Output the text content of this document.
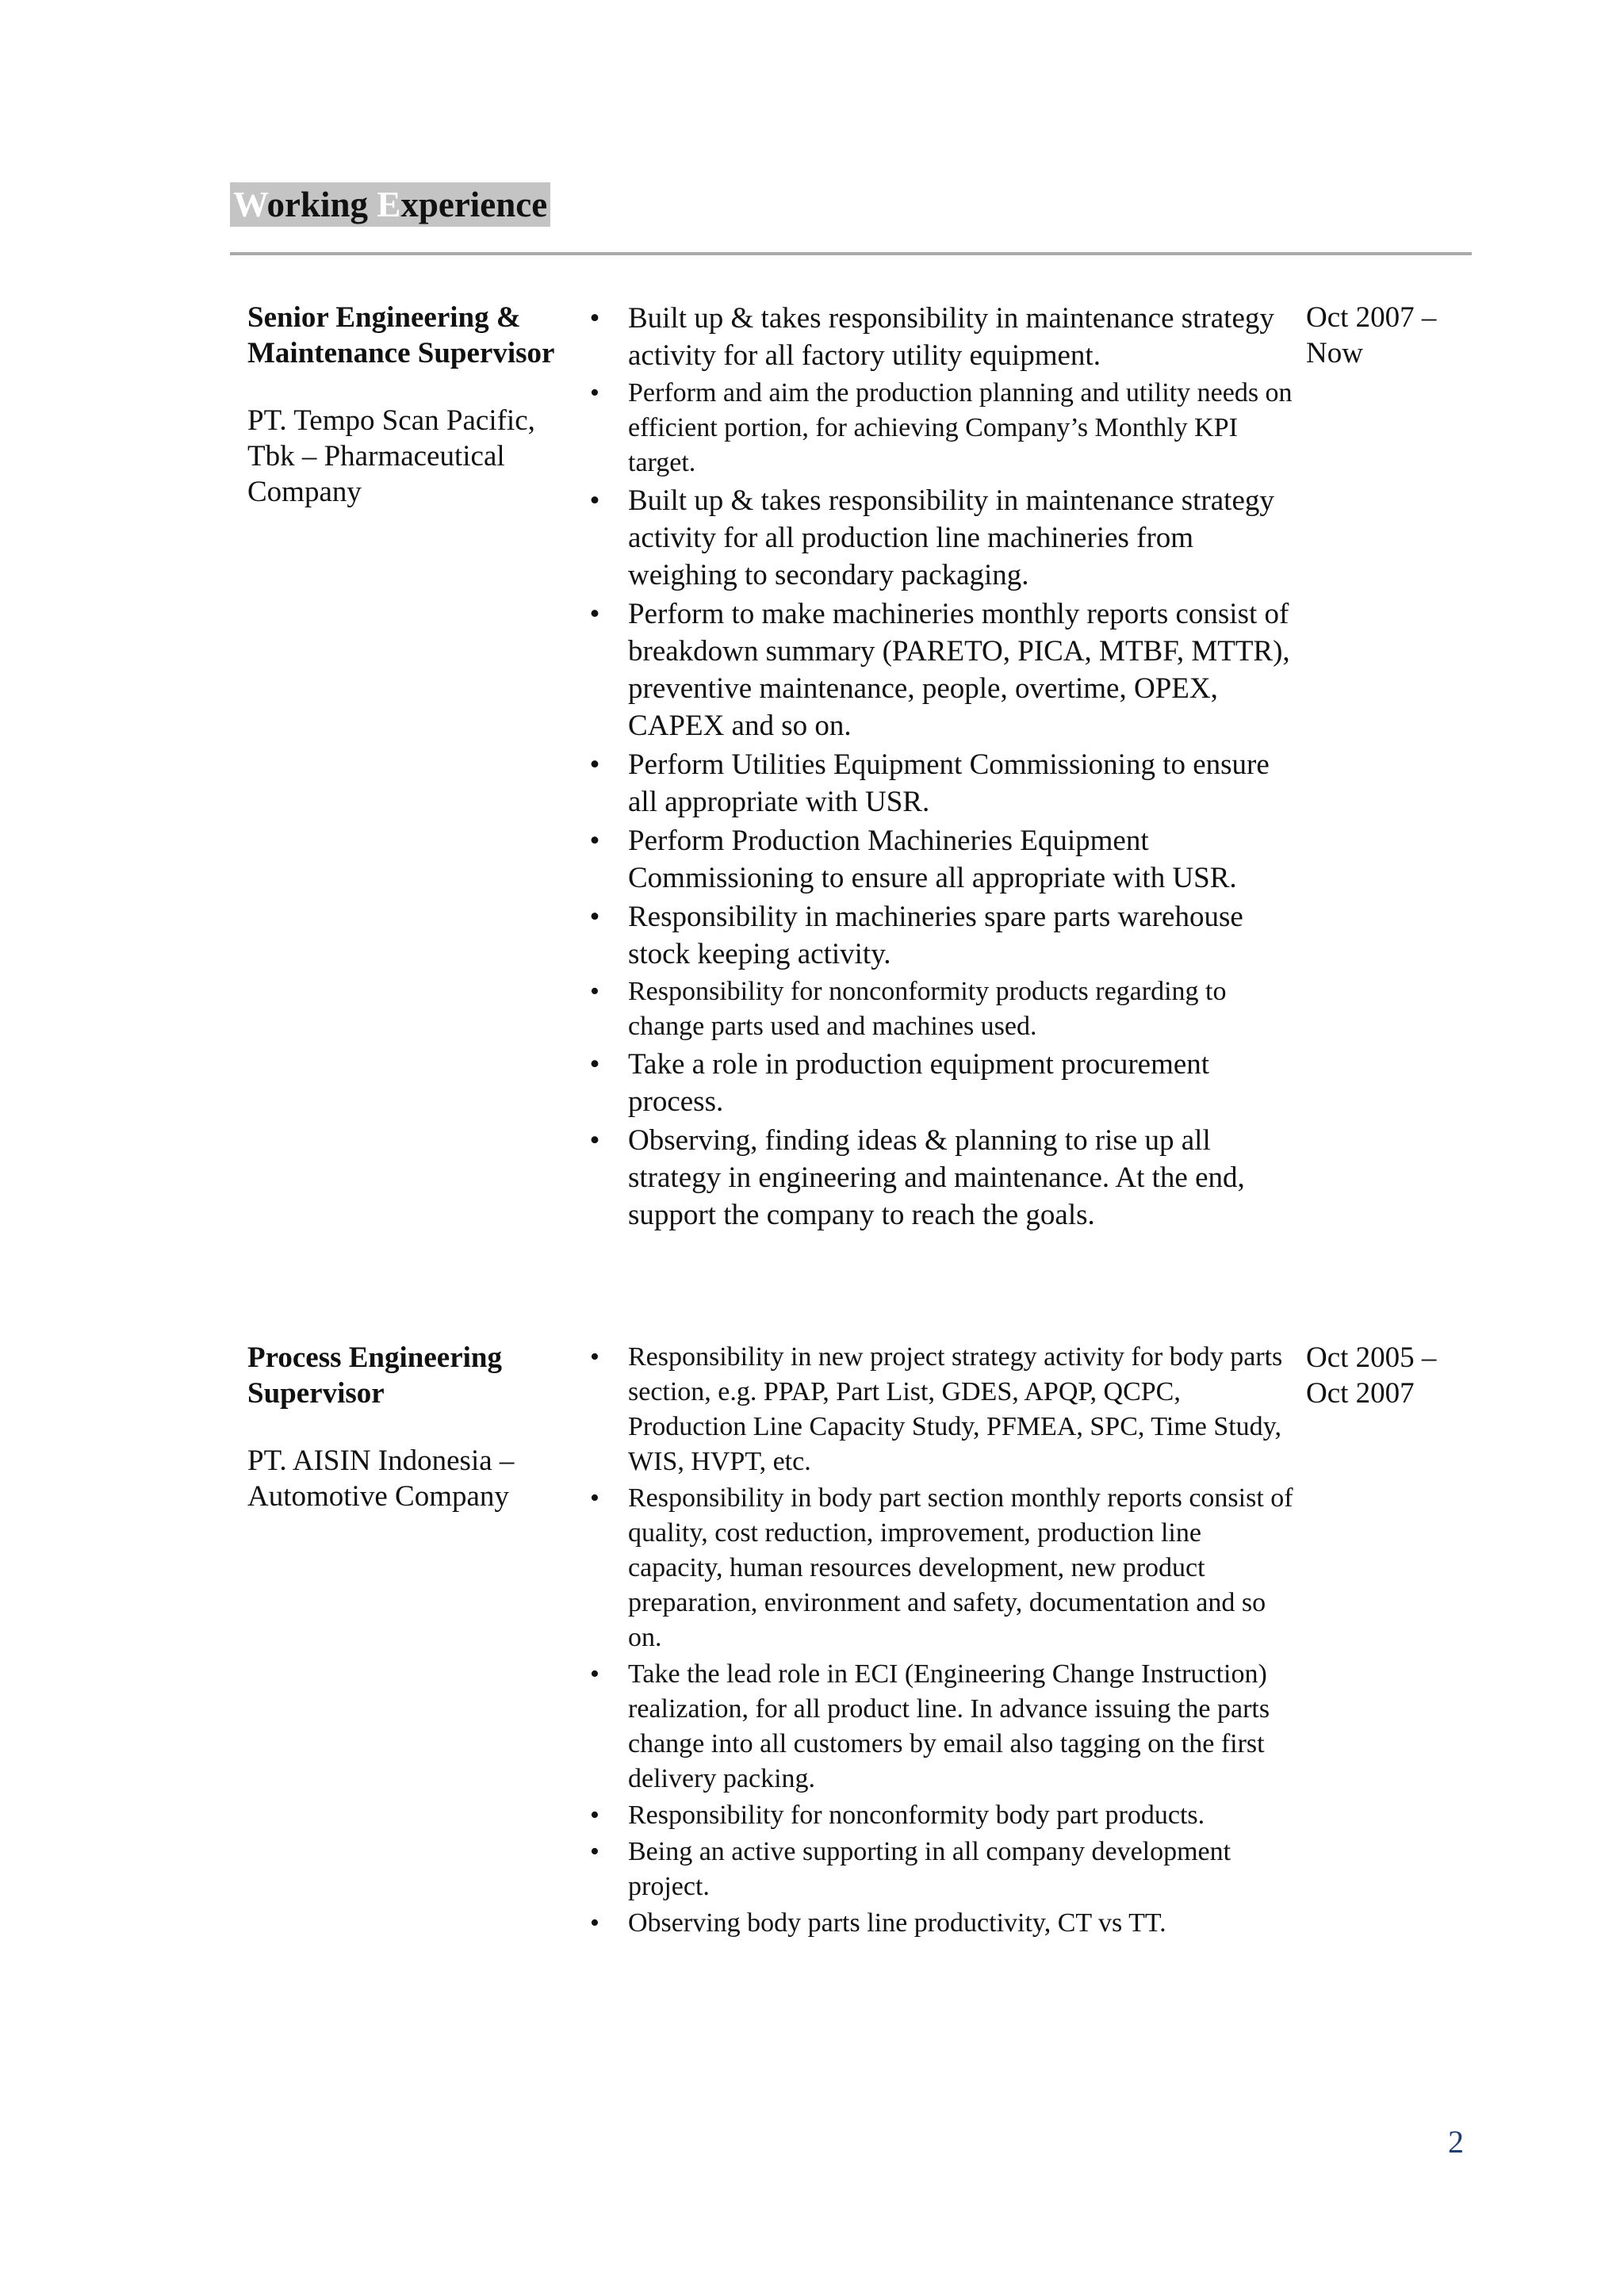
Working Experience

Senior Engineering & Maintenance Supervisor

PT. Tempo Scan Pacific, Tbk – Pharmaceutical Company

• Built up & takes responsibility in maintenance strategy activity for all factory utility equipment.
• Perform and aim the production planning and utility needs on efficient portion, for achieving Company’s Monthly KPI target.
• Built up & takes responsibility in maintenance strategy activity for all production line machineries from weighing to secondary packaging.
• Perform to make machineries monthly reports consist of breakdown summary (PARETO, PICA, MTBF, MTTR), preventive maintenance, people, overtime, OPEX, CAPEX and so on.
• Perform Utilities Equipment Commissioning to ensure all appropriate with USR.
• Perform Production Machineries Equipment Commissioning to ensure all appropriate with USR.
• Responsibility in machineries spare parts warehouse stock keeping activity.
• Responsibility for nonconformity products regarding to change parts used and machines used.
• Take a role in production equipment procurement process.
• Observing, finding ideas & planning to rise up all strategy in engineering and maintenance. At the end, support the company to reach the goals.
Oct 2007 – Now

Process Engineering Supervisor

PT. AISIN Indonesia – Automotive Company

• Responsibility in new project strategy activity for body parts section, e.g. PPAP, Part List, GDES, APQP, QCPC, Production Line Capacity Study, PFMEA, SPC, Time Study, WIS, HVPT, etc.
• Responsibility in body part section monthly reports consist of quality, cost reduction, improvement, production line capacity, human resources development, new product preparation, environment and safety, documentation and so on.
• Take the lead role in ECI (Engineering Change Instruction) realization, for all product line. In advance issuing the parts change into all customers by email also tagging on the first delivery packing.
• Responsibility for nonconformity body part products.
• Being an active supporting in all company development project.
• Observing body parts line productivity, CT vs TT.
Oct 2005 – Oct 2007
2
